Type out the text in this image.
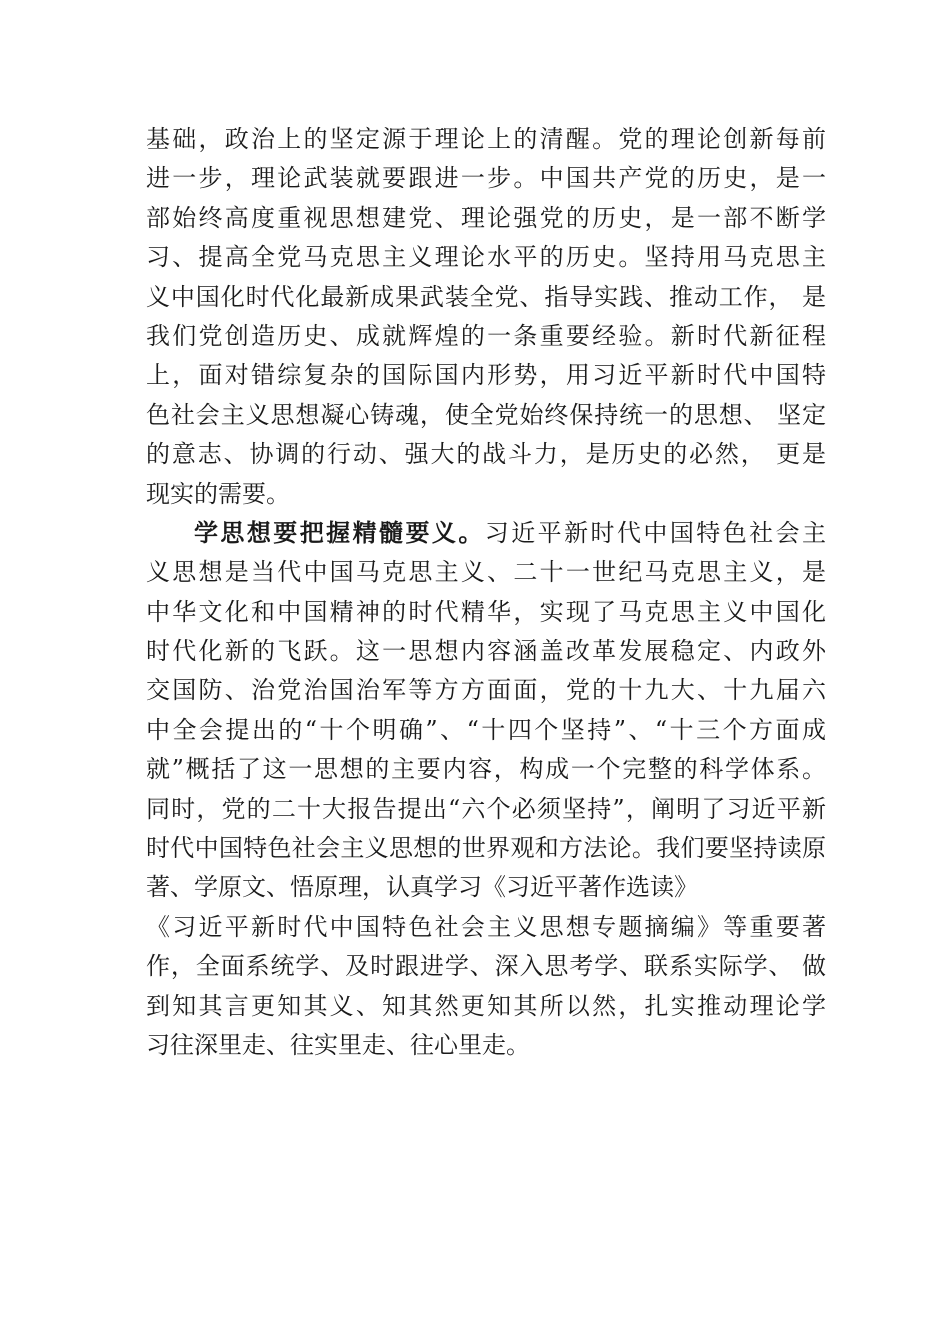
基础，政治上的坚定源于理论上的清醒。党的理论创新每前
进一步，理论武装就要跟进一步。中国共产党的历史，是一
部始终高度重视思想建党、理论强党的历史，是一部不断学
习、提高全党马克思主义理论水平的历史。坚持用马克思主
义中国化时代化最新成果武装全党、指导实践、推动工作， 是
我们党创造历史、成就辉煌的一条重要经验。新时代新征程
上，面对错综复杂的国际国内形势，用习近平新时代中国特
色社会主义思想凝心铸魂，使全党始终保持统一的思想、 坚定
的意志、协调的行动、强大的战斗力，是历史的必然， 更是
现实的需要。
学思想要把握精髓要义。习近平新时代中国特色社会主
义思想是当代中国马克思主义、二十一世纪马克思主义，是
中华文化和中国精神的时代精华，实现了马克思主义中国化
时代化新的飞跃。这一思想内容涵盖改革发展稳定、内政外
交国防、治党治国治军等方方面面，党的十九大、十九届六
中全会提出的“十个明确”、“十四个坚持”、“十三个方面成
就”概括了这一思想的主要内容，构成一个完整的科学体系。
同时，党的二十大报告提出“六个必须坚持”，阐明了习近平新
时代中国特色社会主义思想的世界观和方法论。我们要坚持读原
著、学原文、悟原理，认真学习《习近平著作选读》
《习近平新时代中国特色社会主义思想专题摘编》等重要著
作，全面系统学、及时跟进学、深入思考学、联系实际学、 做
到知其言更知其义、知其然更知其所以然，扎实推动理论学
习往深里走、往实里走、往心里走。
